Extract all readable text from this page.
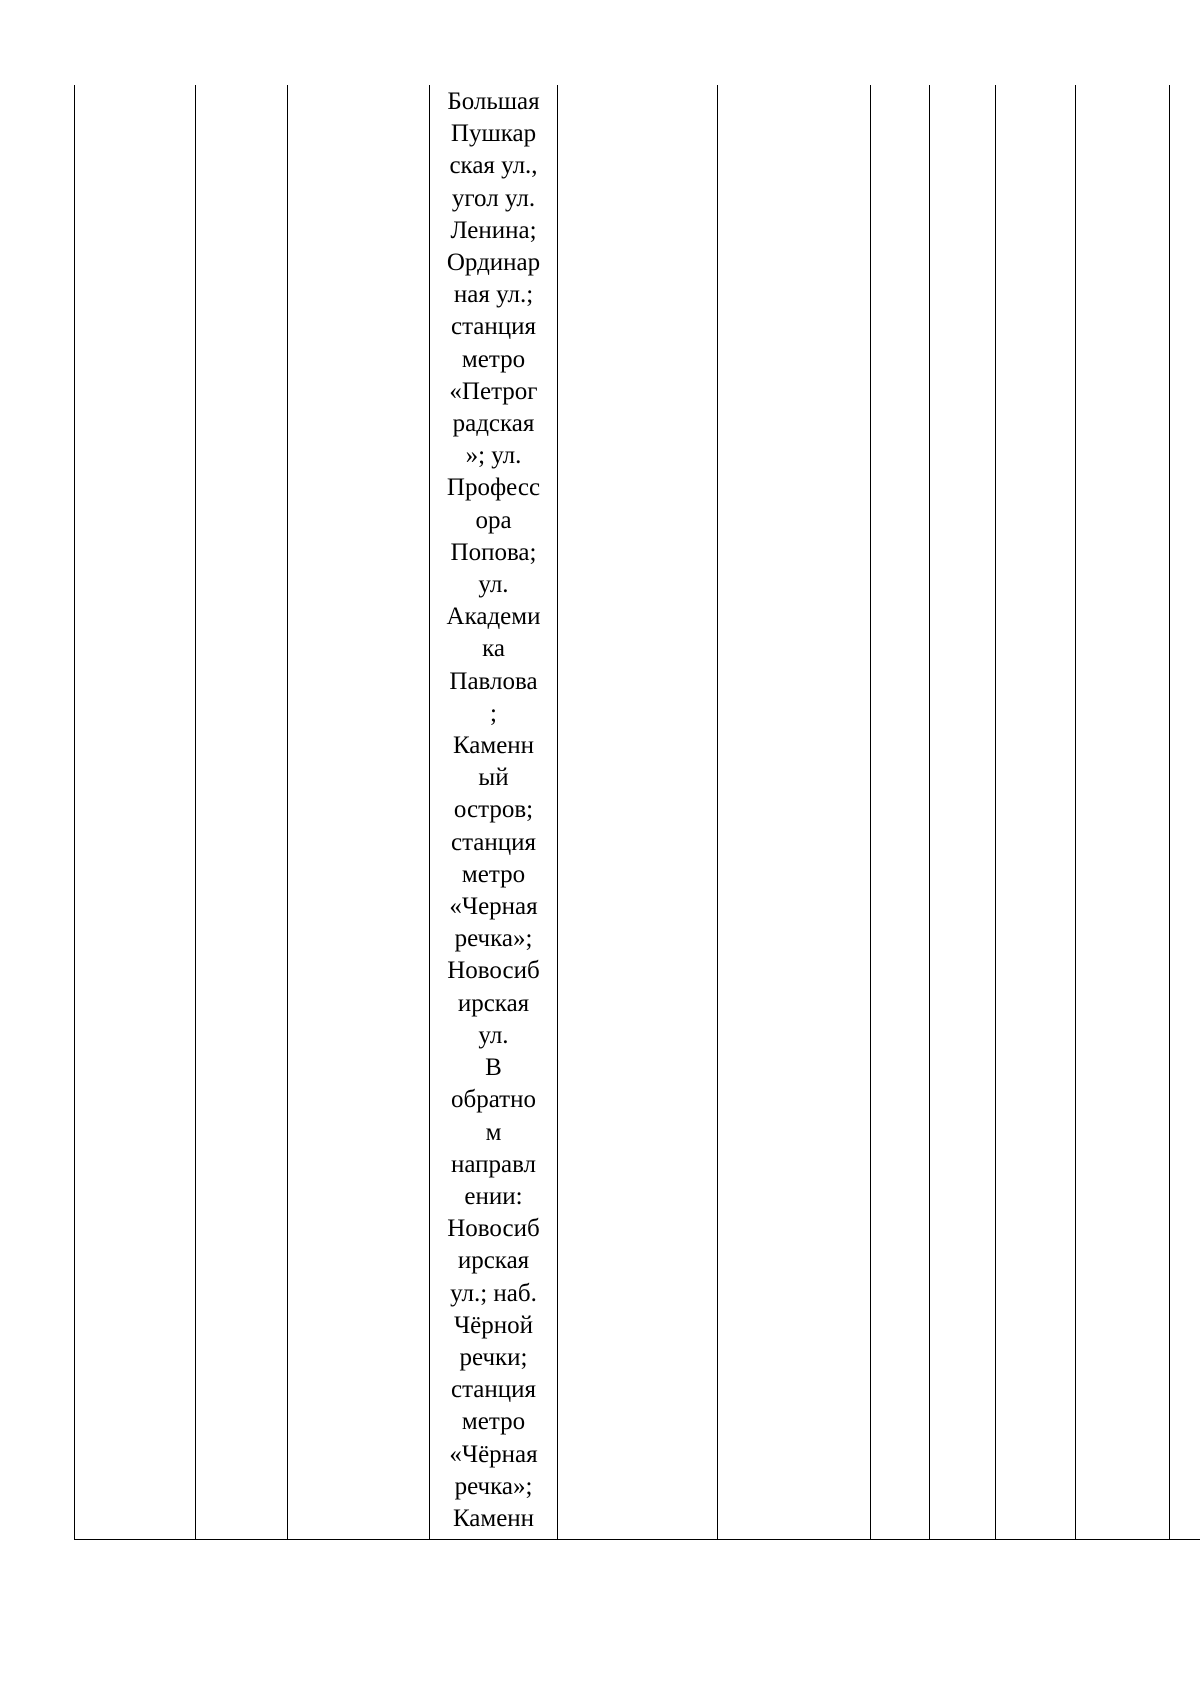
Большая
Пушкар
ская ул.,
угол ул.
Ленина;
Ординар
ная ул.;
станция
метро
«Петрог
радская
»; ул.
Професс
ора
Попова;
ул.
Академи
ка
Павлова
;
Каменн
ый
остров;
станция
метро
«Черная
речка»;
Новосиб
ирская
ул.
В
обратно
м
направл
ении:
Новосиб
ирская
ул.; наб.
Чёрной
речки;
станция
метро
«Чёрная
речка»;
Каменн
